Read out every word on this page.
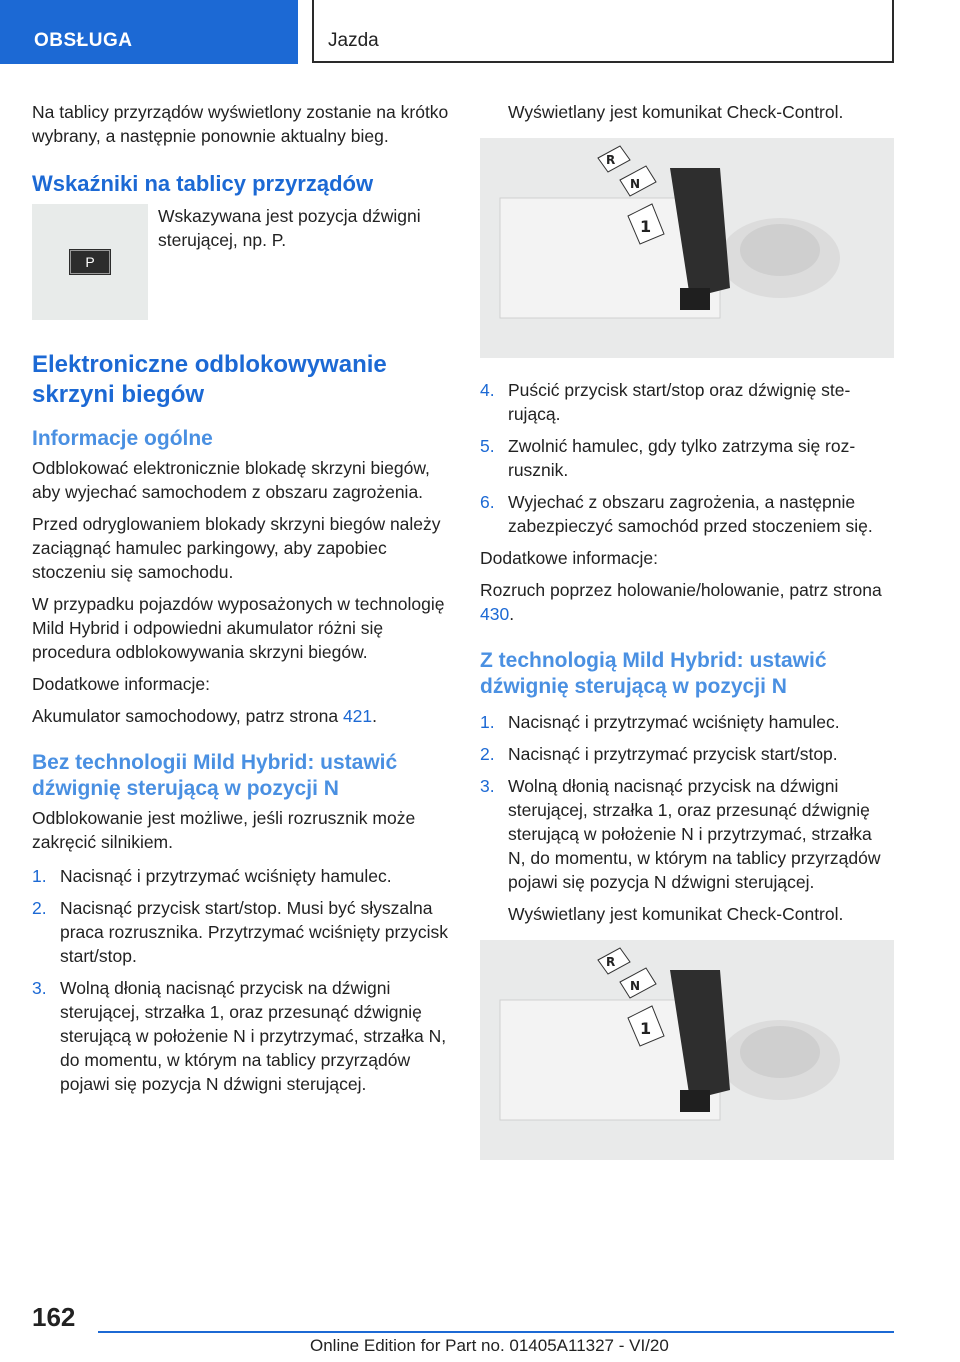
OBSŁUGA	Jazda

Na tablicy przyrządów wyświetlony zostanie na krótko wybrany, a następnie ponownie aktualny bieg.

Wskaźniki na tablicy przyrządów
P
Wskazywana jest pozycja dźwigni sterującej, np. P.
Elektroniczne odblokowywanie skrzyni biegów
Informacje ogólne

Odblokować elektronicznie blokadę skrzyni biegów, aby wyjechać samochodem z obszaru zagrożenia.

Przed odryglowaniem blokady skrzyni biegów należy zaciągnąć hamulec parkingowy, aby zapobiec stoczeniu się samochodu.

W przypadku pojazdów wyposażonych w technologię Mild Hybrid i odpowiedni akumulator różni się procedura odblokowywania skrzyni biegów.

Dodatkowe informacje:

Akumulator samochodowy, patrz strona 421.

Bez technologii Mild Hybrid: ustawić dźwignię sterującą w pozycji N

Odblokowanie jest możliwe, jeśli rozrusznik może zakręcić silnikiem.

1. Nacisnąć i przytrzymać wciśnięty hamulec.
2. Nacisnąć przycisk start/stop. Musi być słyszalna praca rozrusznika. Przytrzymać wciśnięty przycisk start/stop.
3. Wolną dłonią nacisnąć przycisk na dźwigni sterującej, strzałka 1, oraz przesunąć dźwignię sterującą w położenie N i przytrzymać, strzałka N, do momentu, w którym na tablicy przyrządów pojawi się pozycja N dźwigni sterującej.

Wyświetlany jest komunikat Check-Control.

R
N
1
4. Puścić przycisk start/stop oraz dźwignię sterującą.
5. Zwolnić hamulec, gdy tylko zatrzyma się rozrusznik.
6. Wyjechać z obszaru zagrożenia, a następnie zabezpieczyć samochód przed stoczeniem się.

Dodatkowe informacje:

Rozruch poprzez holowanie/holowanie, patrz strona 430.

Z technologią Mild Hybrid: ustawić dźwignię sterującą w pozycji N
1. Nacisnąć i przytrzymać wciśnięty hamulec.
2. Nacisnąć i przytrzymać przycisk start/stop.
3. Wolną dłonią nacisnąć przycisk na dźwigni sterującej, strzałka 1, oraz przesunąć dźwignię sterującą w położenie N i przytrzymać, strzałka N, do momentu, w którym na tablicy przyrządów pojawi się pozycja N dźwigni sterującej.

Wyświetlany jest komunikat Check-Control.

R
N
1
162
Online Edition for Part no. 01405A11327 - VI/20
